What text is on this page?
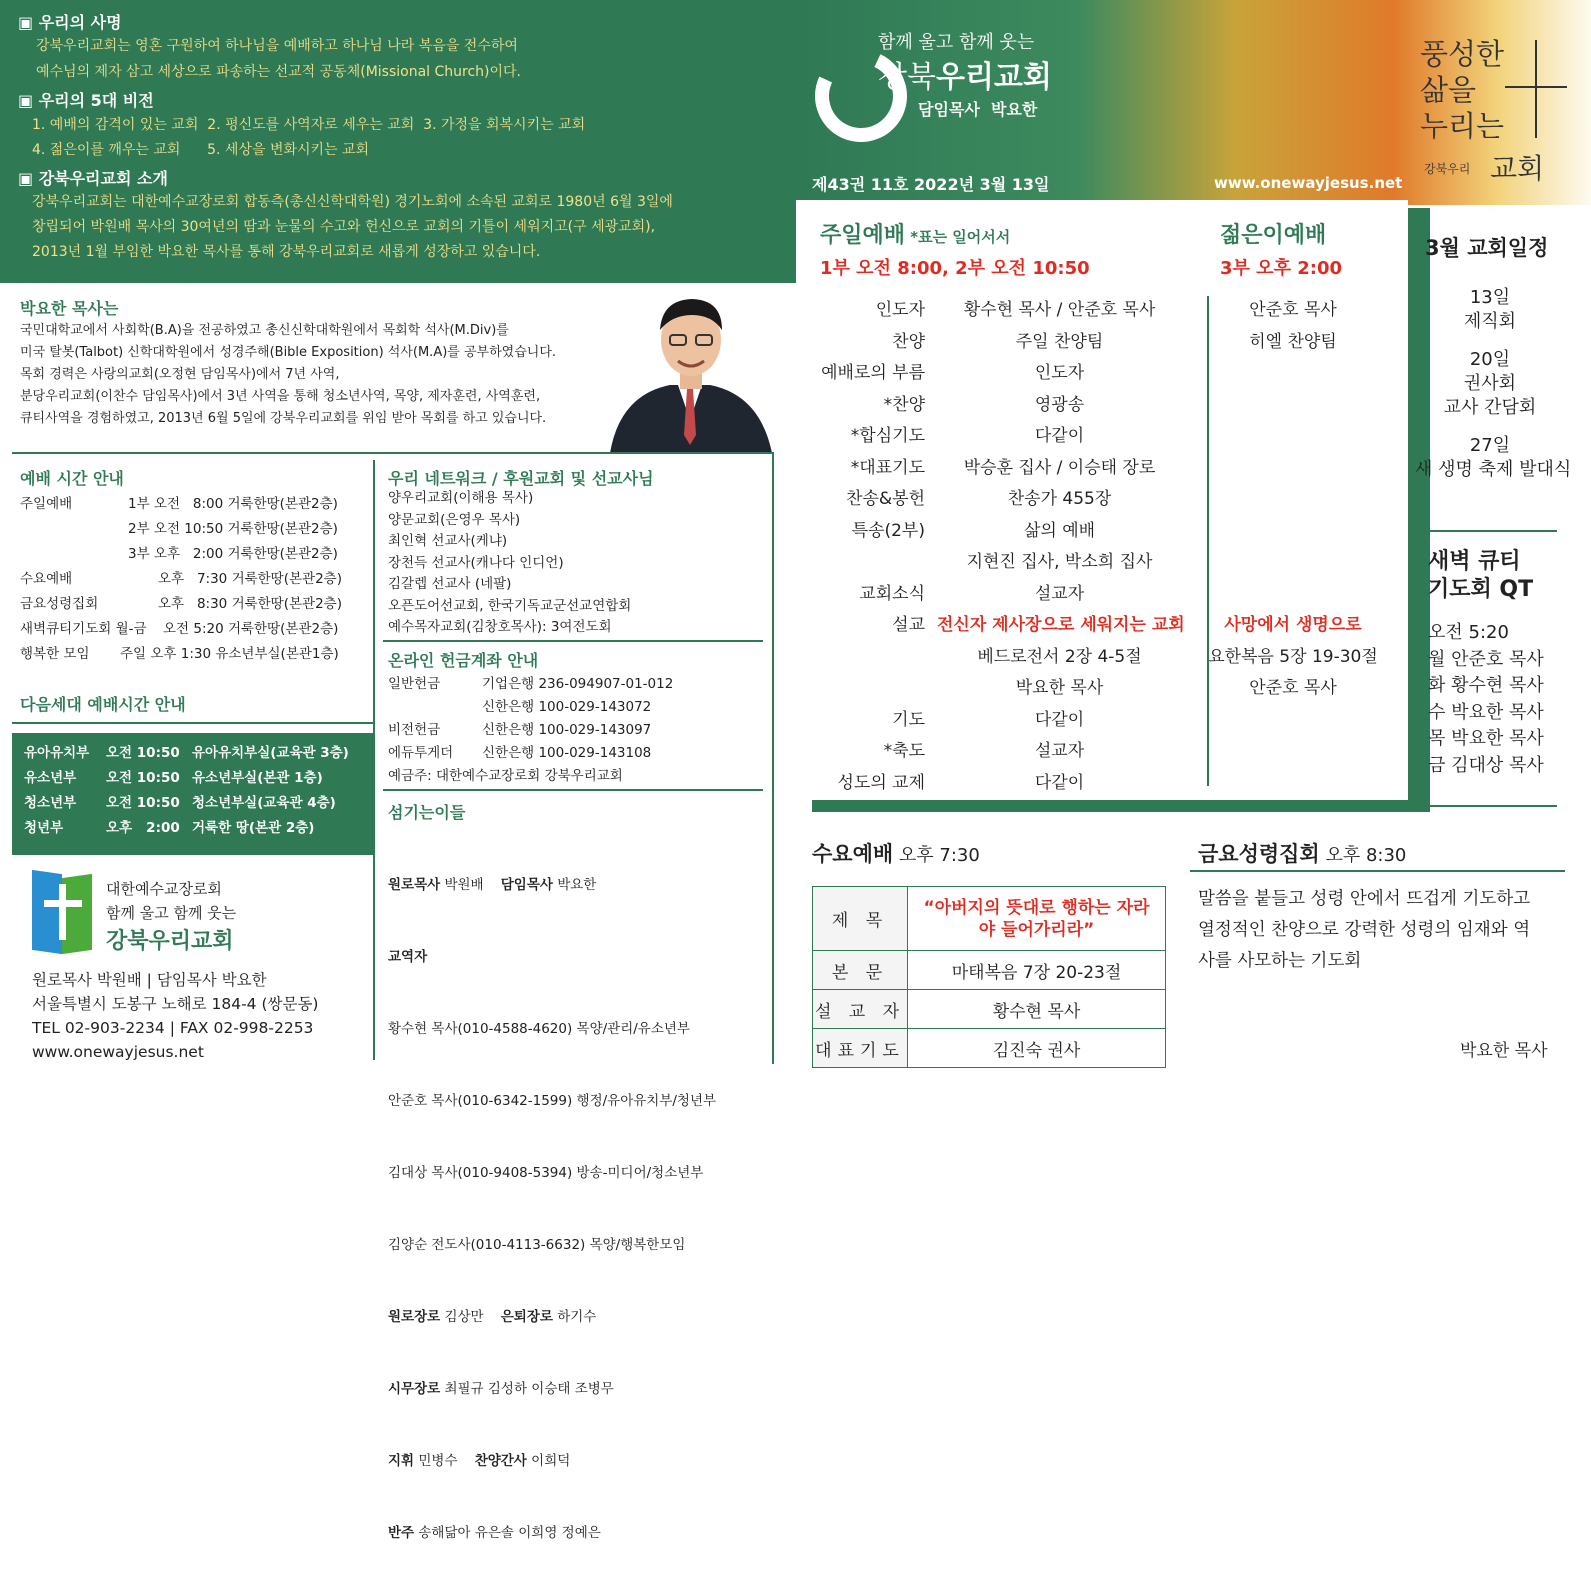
▣ 우리의 사명
강북우리교회는 영혼 구원하여 하나님을 예배하고 하나님 나라 복음을 전수하여
예수님의 제자 삼고 세상으로 파송하는 선교적 공동체(Missional Church)이다.
▣ 우리의 5대 비전
1. 예배의 감격이 있는 교회  2. 평신도를 사역자로 세우는 교회  3. 가정을 회복시키는 교회
4. 젊은이를 깨우는 교회      5. 세상을 변화시키는 교회
▣ 강북우리교회 소개
강북우리교회는 대한예수교장로회 합동측(총신신학대학원) 경기노회에 소속된 교회로 1980년 6월 3일에
창립되어 박원배 목사의 30여년의 땀과 눈물의 수고와 헌신으로 교회의 기틀이 세워지고(구 세광교회),
2013년 1월 부임한 박요한 목사를 통해 강북우리교회로 새롭게 성장하고 있습니다.
함께 울고 함께 웃는
강북우리교회
담임목사  박요한
제43권 11호 2022년 3월 13일	www.onewayjesus.net
풍성한
삶을
누리는
강북우리 교회
박요한 목사는
국민대학교에서 사회학(B.A)을 전공하였고 총신신학대학원에서 목회학 석사(M.Div)를
미국 탈봇(Talbot) 신학대학원에서 성경주해(Bible Exposition) 석사(M.A)를 공부하였습니다.
목회 경력은 사랑의교회(오정현 담임목사)에서 7년 사역,
분당우리교회(이찬수 담임목사)에서 3년 사역을 통해 청소년사역, 목양, 제자훈련, 사역훈련,
큐티사역을 경험하였고, 2013년 6월 5일에 강북우리교회를 위임 받아 목회를 하고 있습니다.
예배 시간 안내
주일예배	1부 오전   8:00 거룩한땅(본관2층)
2부 오전 10:50 거룩한땅(본관2층)
3부 오후   2:00 거룩한땅(본관2층)
수요예배	오후   7:30 거룩한땅(본관2층)
금요성령집회	오후   8:30 거룩한땅(본관2층)
새벽큐티기도회 월-금	오전 5:20 거룩한땅(본관2층)
행복한 모임	주일 오후 1:30 유소년부실(본관1층)
다음세대 예배시간 안내
유아유치부	오전 10:50 유아유치부실(교육관 3층)
유소년부	오전 10:50 유소년부실(본관 1층)
청소년부	오전 10:50 청소년부실(교육관 4층)
청년부	오후   2:00 거룩한 땅(본관 2층)
대한예수교장로회
함께 울고 함께 웃는
강북우리교회
원로목사 박원배 | 담임목사 박요한
서울특별시 도봉구 노해로 184-4 (쌍문동)
TEL 02-903-2234 | FAX 02-998-2253
www.onewayjesus.net
우리 네트워크 / 후원교회 및 선교사님
양우리교회(이해용 목사)
양문교회(은영우 목사)
최인혁 선교사(케냐)
장천득 선교사(캐나다 인디언)
김갈렙 선교사 (네팔)
오픈도어선교회, 한국기독교군선교연합회
예수목자교회(김창호목사): 3여전도회
온라인 헌금계좌 안내
일반헌금	기업은행 236-094907-01-012
신한은행 100-029-143072
비전헌금	신한은행 100-029-143097
에듀투게더	신한은행 100-029-143108
예금주: 대한예수교장로회 강북우리교회
섬기는이들

원로목사 박원배    담임목사 박요한

교역자

황수현 목사(010-4588-4620) 목양/관리/유소년부

안준호 목사(010-6342-1599) 행정/유아유치부/청년부

김대상 목사(010-9408-5394) 방송-미디어/청소년부

김양순 전도사(010-4113-6632) 목양/행복한모임

원로장로 김상만    은퇴장로 하기수

시무장로 최필규 김성하 이승태 조병무

지휘 민병수    찬양간사 이희덕

반주 송해닮아 유은솔 이희영 정예은

주일예배 *표는 일어서서
1부 오전 8:00, 2부 오전 10:50
젊은이예배
3부 오후 2:00
인도자	황수현 목사 / 안준호 목사	안준호 목사
찬양	주일 찬양팀	히엘 찬양팀
예배로의 부름	인도자
*찬양	영광송
*합심기도	다같이
*대표기도	박승훈 집사 / 이승태 장로
찬송&봉헌	찬송가 455장
특송(2부)	삶의 예배
지현진 집사, 박소희 집사
교회소식	설교자
설교 전신자 제사장으로 세워지는 교회	사망에서 생명으로
베드로전서 2장 4-5절	요한복음 5장 19-30절
박요한 목사	안준호 목사
기도	다같이
*축도	설교자
성도의 교제	다같이
3월 교회일정
13일
제직회
20일
권사회
교사 간담회
27일
새 생명 축제 발대식
새벽 큐티
기도회 QT
오전 5:20
월 안준호 목사
화 황수현 목사
수 박요한 목사
목 박요한 목사
금 김대상 목사
수요예배 오후 7:30
제 목	“아버지의 뜻대로 행하는 자라야 들어가리라”
본 문	마태복음 7장 20-23절
설 교 자	황수현 목사
대표기도	김진숙 권사
금요성령집회 오후 8:30
말씀을 붙들고 성령 안에서 뜨겁게 기도하고
열정적인 찬양으로 강력한 성령의 임재와 역
사를 사모하는 기도회
박요한 목사
